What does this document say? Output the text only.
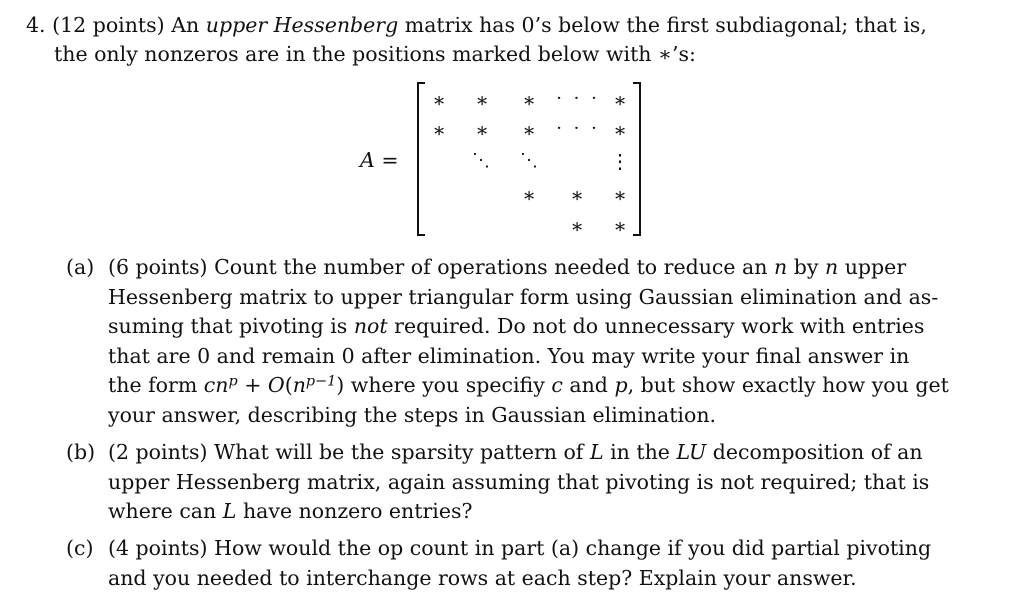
4. (12 points) An upper Hessenberg matrix has 0’s below the first subdiagonal; that is,
the only nonzeros are in the positions marked below with ∗’s:
A =
∗ ∗ ∗ · · · ∗
∗ ∗ ∗ · · · ∗
⋱ ⋱	⋮
∗ ∗ ∗
∗ ∗
(a) (6 points) Count the number of operations needed to reduce an n by n upper
Hessenberg matrix to upper triangular form using Gaussian elimination and as-
suming that pivoting is not required. Do not do unnecessary work with entries
that are 0 and remain 0 after elimination. You may write your final answer in
the form $cn^p + O(n^{p-1})$ where you specifiy c and p, but show exactly how you get
your answer, describing the steps in Gaussian elimination.
(b) (2 points) What will be the sparsity pattern of L in the LU decomposition of an
upper Hessenberg matrix, again assuming that pivoting is not required; that is
where can L have nonzero entries?
(c) (4 points) How would the op count in part (a) change if you did partial pivoting
and you needed to interchange rows at each step? Explain your answer.
